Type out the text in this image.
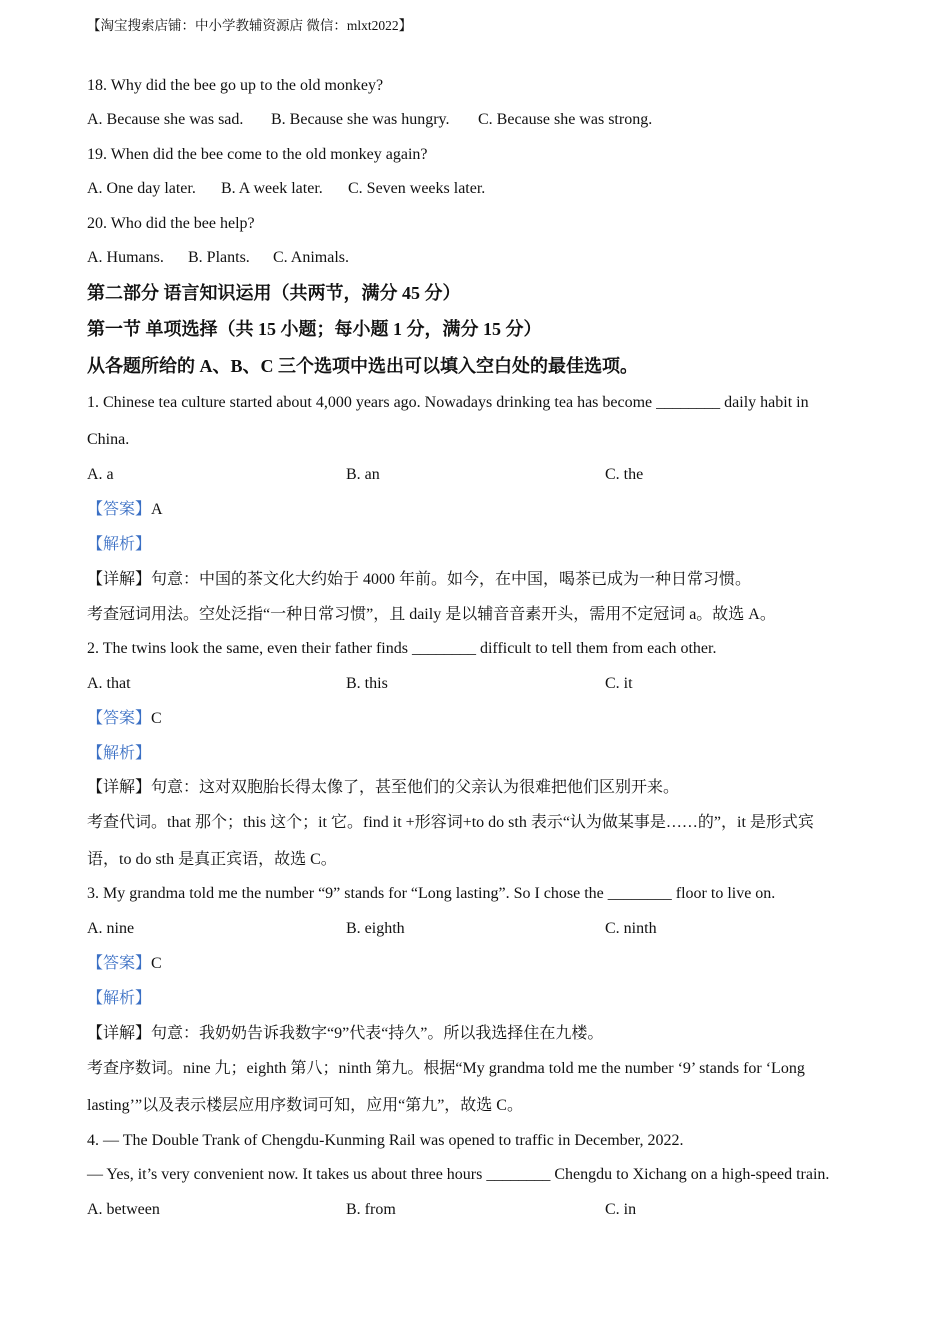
【淘宝搜索店铺：中小学教辅资源店 微信：mlxt2022】
18. Why did the bee go up to the old monkey?
A. Because she was sad. B. Because she was hungry. C. Because she was strong.
19. When did the bee come to the old monkey again?
A. One day later. B. A week later. C. Seven weeks later.
20. Who did the bee help?
A. Humans. B. Plants. C. Animals.
第二部分 语言知识运用（共两节，满分 45 分）
第一节 单项选择（共 15 小题；每小题 1 分，满分 15 分）
从各题所给的 A、B、C 三个选项中选出可以填入空白处的最佳选项。
1. Chinese tea culture started about 4,000 years ago. Nowadays drinking tea has become ________ daily habit in
China.
A. a	B. an	C. the
【答案】A
【解析】
【详解】句意：中国的茶文化大约始于 4000 年前。如今，在中国，喝茶已成为一种日常习惯。
考查冠词用法。空处泛指“一种日常习惯”，且 daily 是以辅音音素开头，需用不定冠词 a。故选 A。
2. The twins look the same, even their father finds ________ difficult to tell them from each other.
A. that	B. this	C. it
【答案】C
【解析】
【详解】句意：这对双胞胎长得太像了，甚至他们的父亲认为很难把他们区别开来。
考查代词。that 那个；this 这个；it 它。find it +形容词+to do sth 表示“认为做某事是……的”，it 是形式宾
语，to do sth 是真正宾语，故选 C。
3. My grandma told me the number “9” stands for “Long lasting”. So I chose the ________ floor to live on.
A. nine	B. eighth	C. ninth
【答案】C
【解析】
【详解】句意：我奶奶告诉我数字“9”代表“持久”。所以我选择住在九楼。
考查序数词。nine 九；eighth 第八；ninth 第九。根据“My grandma told me the number ‘9’ stands for ‘Long
lasting’”以及表示楼层应用序数词可知，应用“第九”，故选 C。
4. — The Double Trank of Chengdu-Kunming Rail was opened to traffic in December, 2022.
— Yes, it’s very convenient now. It takes us about three hours ________ Chengdu to Xichang on a high-speed train.
A. between	B. from	C. in
